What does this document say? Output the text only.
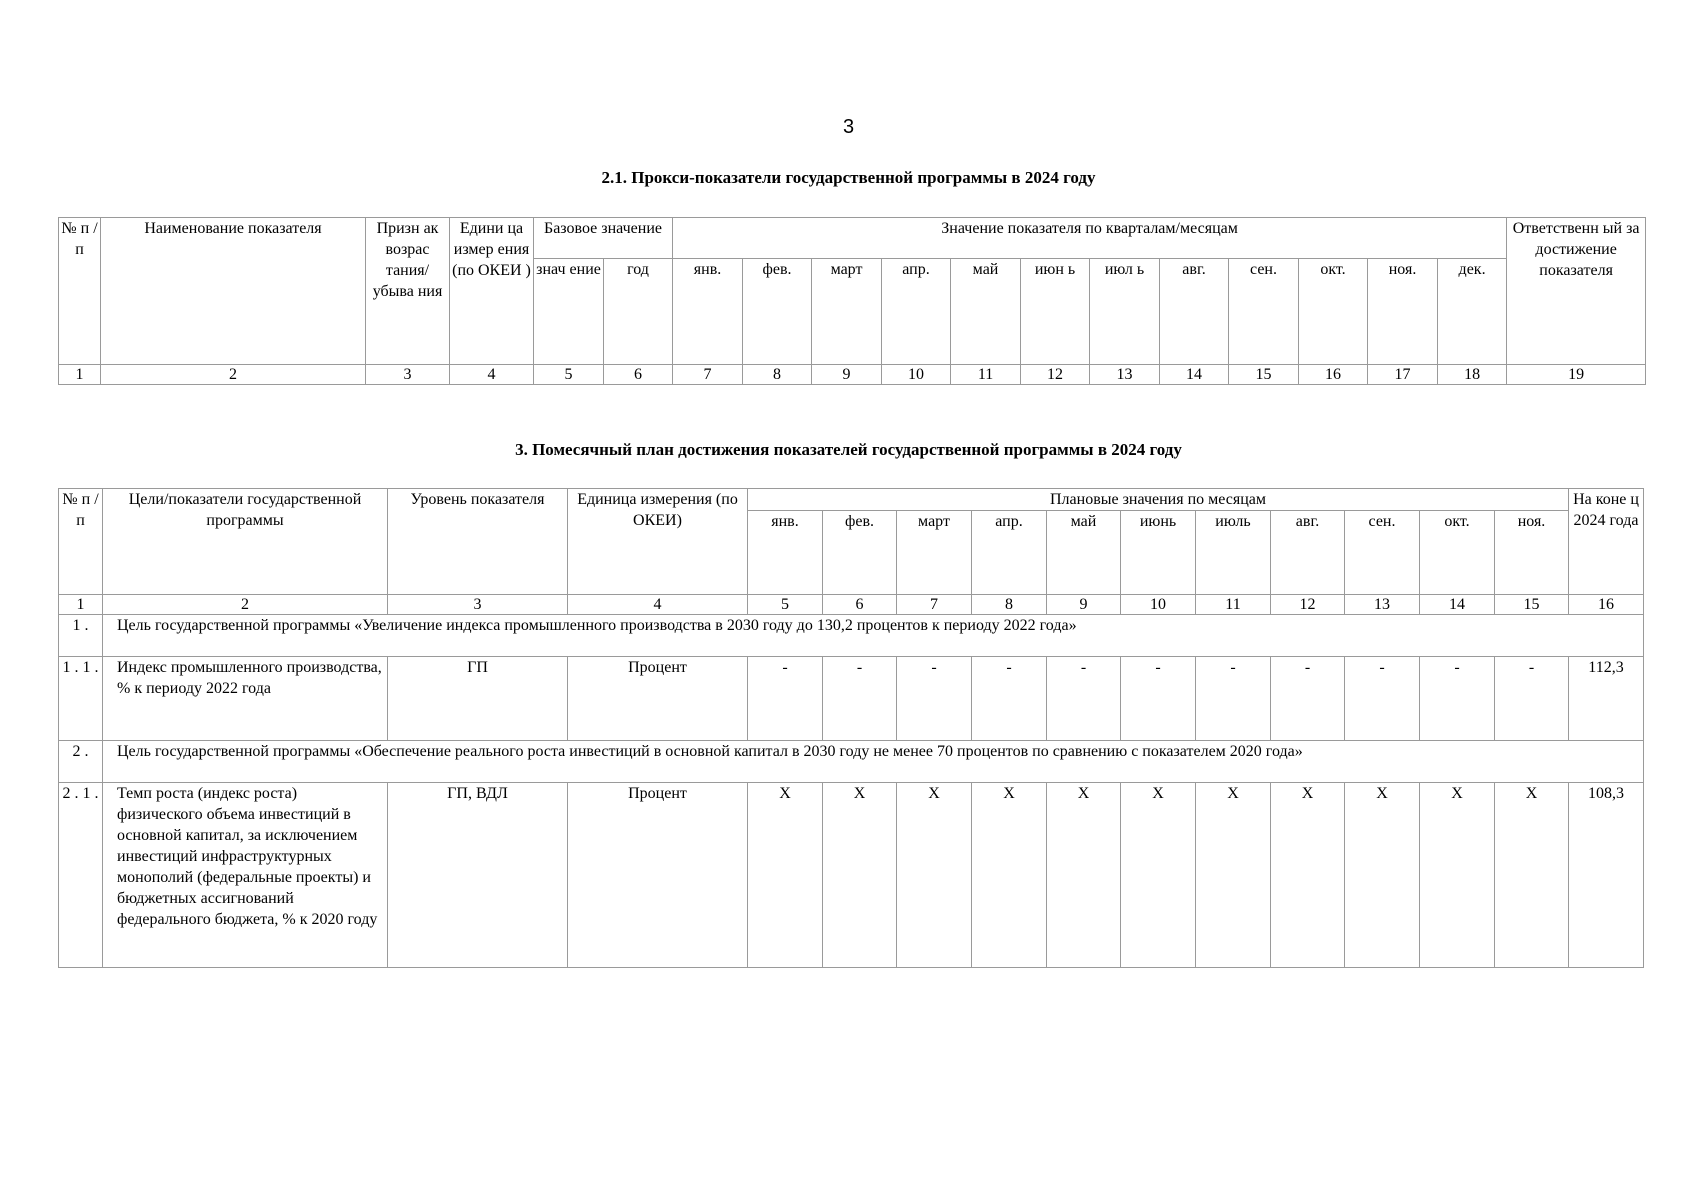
3
2.1. Прокси-показатели государственной программы в 2024 году
№ п / п	Наименование показателя	Призн ак возрас тания/ убыва ния	Едини ца измер ения (по ОКЕИ )	Базовое значение		Значение показателя по кварталам/месяцам												Ответственн ый за достижение показателя
				знач ение	год	янв.	фев.	март	апр.	май	июн ь	июл ь	авг.	сен.	окт.	ноя.	дек.	
1	2	3	4	5	6	7	8	9	10	11	12	13	14	15	16	17	18	19
3. Помесячный план достижения показателей государственной программы в 2024 году
№ п / п	Цели/показатели государственной программы	Уровень показателя	Единица измерения (по ОКЕИ)	Плановые значения по месяцам											На коне ц 2024 года
				янв.	фев.	март	апр.	май	июнь	июль	авг.	сен.	окт.	ноя.	
1	2	3	4	5	6	7	8	9	10	11	12	13	14	15	16
1 .	Цель государственной программы «Увеличение индекса промышленного производства в 2030 году до 130,2 процентов к периоду 2022 года»														
1 . 1 .	Индекс промышленного производства, % к периоду 2022 года	ГП	Процент	-	-	-	-	-	-	-	-	-	-	-	112,3
2 .	Цель государственной программы «Обеспечение реального роста инвестиций в основной капитал в 2030 году не менее 70 процентов по сравнению с показателем 2020 года»														
2 . 1 .	Темп роста (индекс роста) физического объема инвестиций в основной капитал, за исключением инвестиций инфраструктурных монополий (федеральные проекты) и бюджетных ассигнований федерального бюджета, % к 2020 году	ГП, ВДЛ	Процент	Х	Х	Х	Х	Х	Х	Х	Х	Х	Х	Х	108,3
